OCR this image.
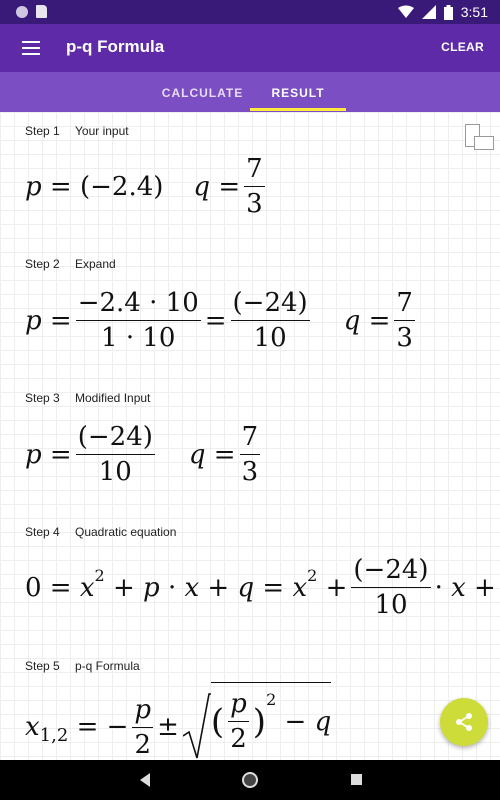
3:51
p-q Formula	CLEAR
CALCULATE	RESULT
Step 1 Your input
p = (−2.4) $q = \frac{7}{3}$
Step 2 Expand
$p = \frac{-2.4 \cdot 10}{1 \cdot 10} = \frac{(-24)}{10}$ $q = \frac{7}{3}$
Step 3 Modified Input
$p = \frac{(-24)}{10}$ $q = \frac{7}{3}$
Step 4 Quadratic equation
0 = x 2 + p · x + q = x $2 + \frac{(-24)}{10} \cdot x$ +
Step 5 p-q Formula
x 1,2 = − $\frac{p}{2}$ ± ( $\frac{p}{2}$ )
2
− q
